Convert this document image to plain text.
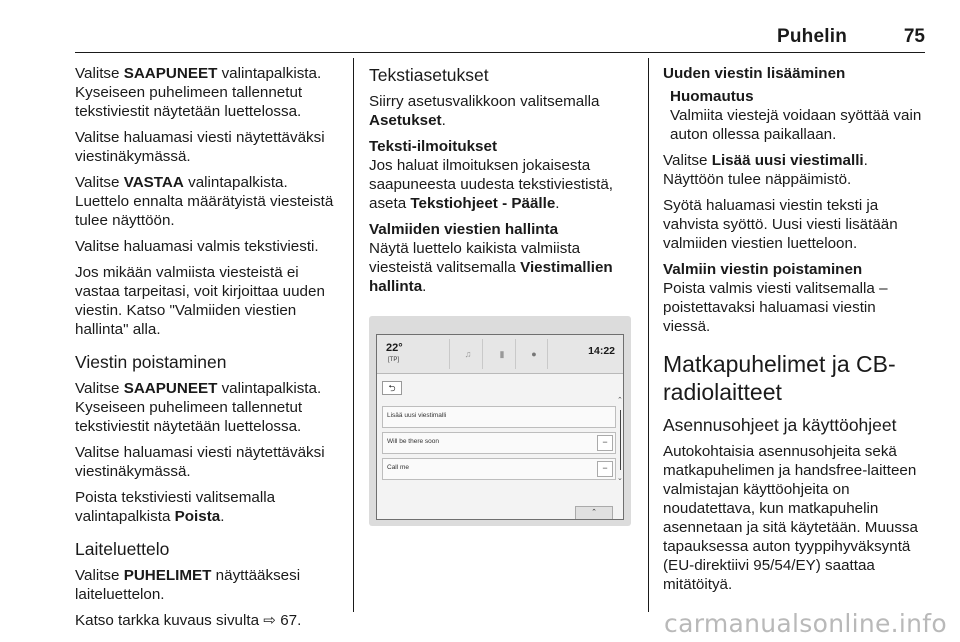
Puhelin	75

Valitse SAAPUNEET valintapalkista. Kyseiseen puhelimeen tallennetut tekstiviestit näytetään luettelossa.

Valitse haluamasi viesti näytettäväksi viestinäkymässä.

Valitse VASTAA valintapalkista. Luettelo ennalta määrätyistä viesteistä tulee näyttöön.

Valitse haluamasi valmis tekstiviesti.

Jos mikään valmiista viesteistä ei vastaa tarpeitasi, voit kirjoittaa uuden viestin. Katso "Valmiiden viestien hallinta" alla.

Viestin poistaminen

Valitse SAAPUNEET valintapalkista. Kyseiseen puhelimeen tallennetut tekstiviestit näytetään luettelossa.

Valitse haluamasi viesti näytettäväksi viestinäkymässä.

Poista tekstiviesti valitsemalla valintapalkista Poista.

Laiteluettelo

Valitse PUHELIMET näyttääksesi laiteluettelon.

Katso tarkka kuvaus sivulta ⇨ 67.

Tekstiasetukset

Siirry asetusvalikkoon valitsemalla Asetukset.

Teksti-ilmoitukset

Jos haluat ilmoituksen jokaisesta saapuneesta uudesta tekstiviestistä, aseta Tekstiohjeet - Päälle.

Valmiiden viestien hallinta

Näytä luettelo kaikista valmiista viesteistä valitsemalla Viestimallien hallinta.

22°
[TP]
♫	▮	●	14:22
⮌
Lisää uusi viestimalli
Will be there soon	−
Call me	−
⌃
⌄
⌃
Uuden viestin lisääminen
Huomautus

Valmiita viestejä voidaan syöttää vain auton ollessa paikallaan.

Valitse Lisää uusi viestimalli. Näyttöön tulee näppäimistö.

Syötä haluamasi viestin teksti ja vahvista syöttö. Uusi viesti lisätään valmiiden viestien luetteloon.

Valmiin viestin poistaminen

Poista valmis viesti valitsemalla – poistettavaksi haluamasi viestin viessä.

Matkapuhelimet ja CB-radiolaitteet
Asennusohjeet ja käyttöohjeet

Autokohtaisia asennusohjeita sekä matkapuhelimen ja handsfree-laitteen valmistajan käyttöohjeita on noudatettava, kun matkapuhelin asennetaan ja sitä käytetään. Muussa tapauksessa auton tyyppihyväksyntä (EU-direktiivi 95/54/EY) saattaa mitätöityä.

carmanualsonline.info
